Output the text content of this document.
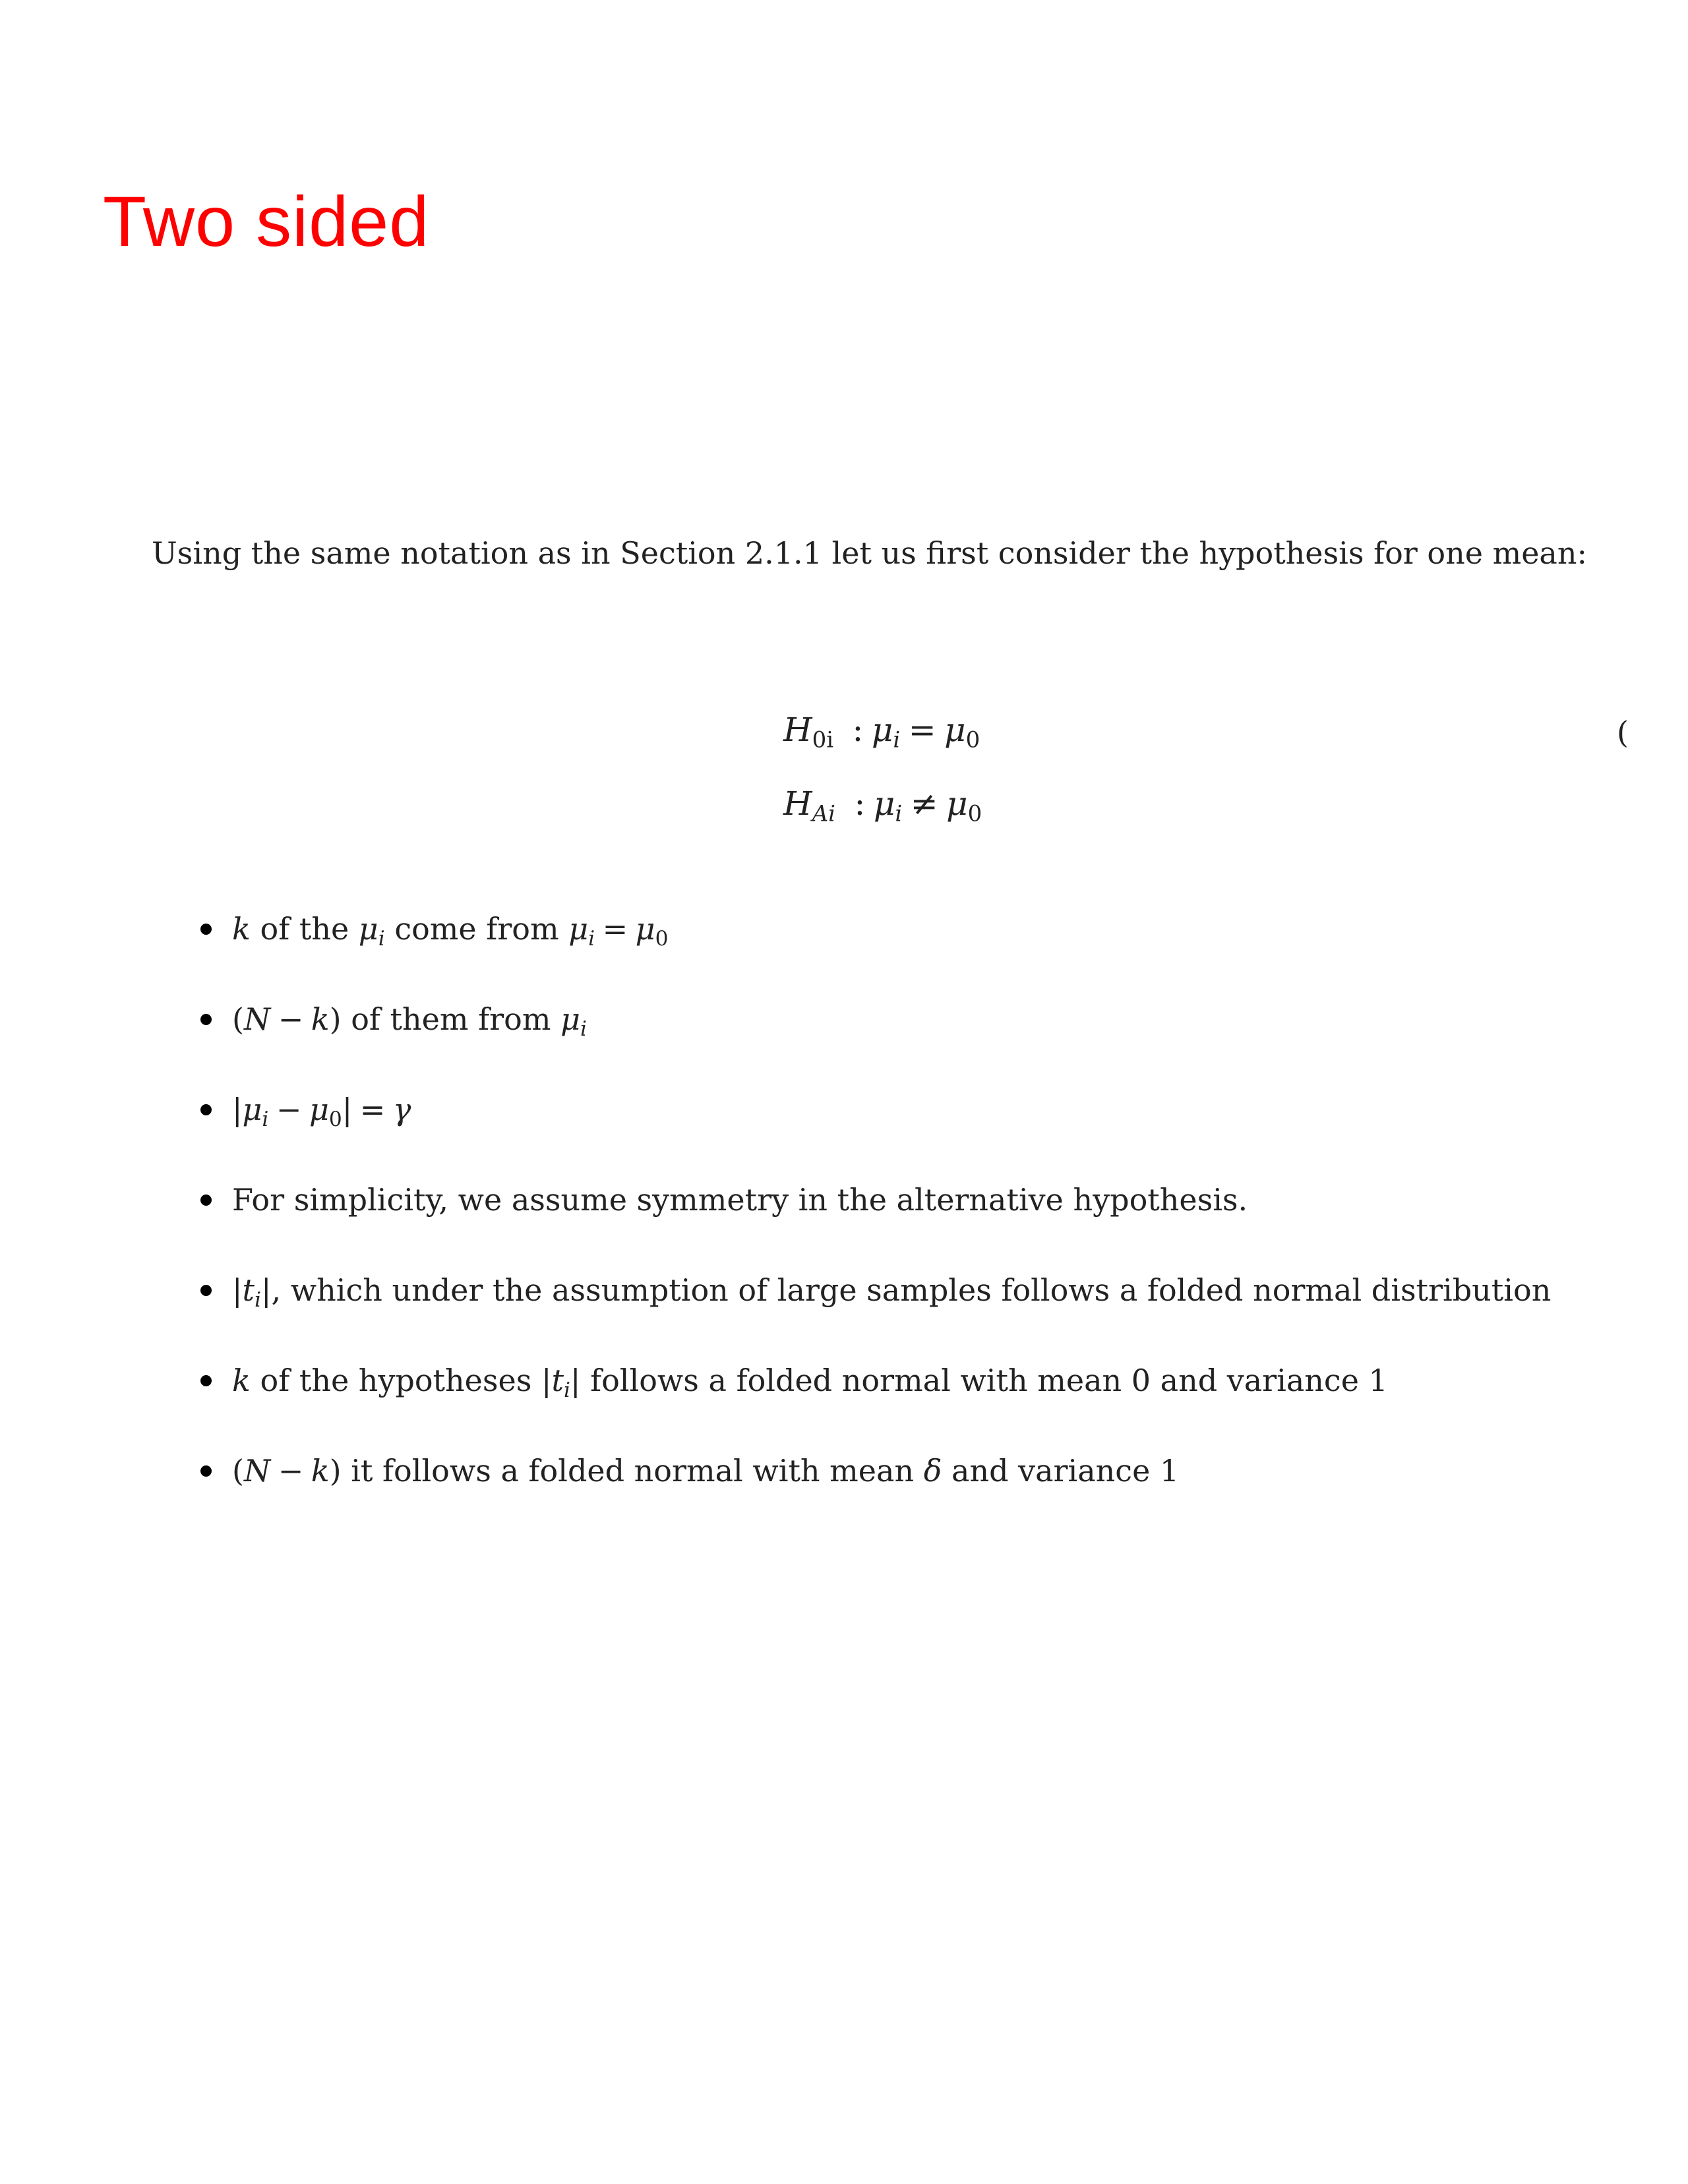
Two sided

Using the same notation as in Section 2.1.1 let us first consider the hypothesis for one mean:

$H_{0i}$ : $\mu_i = \mu_0$
$H_{Ai}$ : $\mu_i \ne \mu_0$
(
k of the $\mu_i$ come from $\mu_i = \mu_0$
(N − k) of them from $\mu_i$
$|\mu_i - \mu_0| = \gamma$
For simplicity, we assume symmetry in the alternative hypothesis.
$|t_i|$, which under the assumption of large samples follows a folded normal distribution
k of the hypotheses $|t_i|$ follows a folded normal with mean 0 and variance 1
(N − k) it follows a folded normal with mean δ and variance 1
